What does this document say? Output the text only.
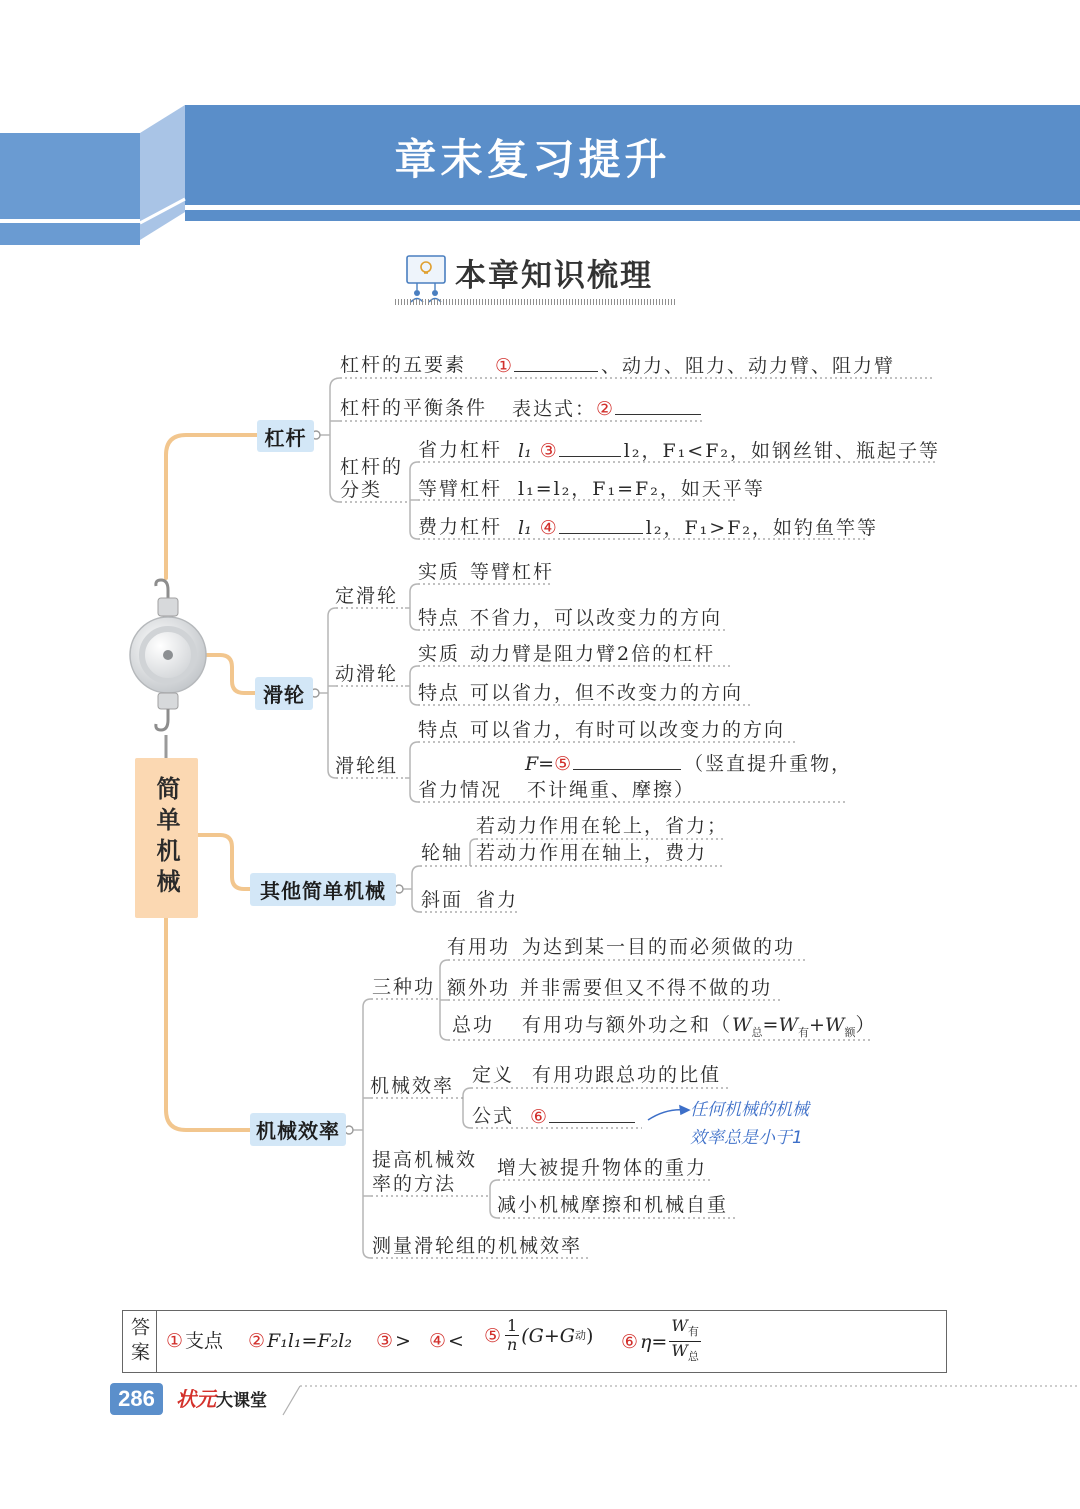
章末复习提升
本章知识梳理
简单机械
杠杆
滑轮
其他简单机械
机械效率
杠杆的五要素 ①	、动力、阻力、动力臂、阻力臂
杠杆的平衡条件 表达式：②
杠杆的
分类
省力杠杆 l₁ ③	l₂，F₁<F₂，如钢丝钳、瓶起子等
等臂杠杆 l₁=l₂，F₁=F₂，如天平等
费力杠杆 l₁ ④	l₂，F₁>F₂，如钓鱼竿等
定滑轮
实质 等臂杠杆
特点 不省力，可以改变力的方向
动滑轮
实质 动力臂是阻力臂2倍的杠杆
特点 可以省力，但不改变力的方向
滑轮组
特点 可以省力，有时可以改变力的方向
F=⑤	（竖直提升重物，
省力情况 不计绳重、摩擦）
轮轴
若动力作用在轮上，省力；
若动力作用在轴上，费力
斜面 省力
三种功
有用功 为达到某一目的而必须做的功
额外功 并非需要但又不得不做的功
总功 有用功与额外功之和$(W_总=W_有+W_额)$
机械效率 定义 有用功跟总功的比值
公式 ⑥	任何机械的机械
效率总是小于1
提高机械效
率的方法
增大被提升物体的重力
减小机械摩擦和机械自重
测量滑轮组的机械效率
答案 ① 支点 ② F₁l₁=F₂l₂ ③ > ④ < ⑤ $\frac{1}{n} (G+G$ 动 ) ⑥ $\eta= \frac{W_有}{W_总}$
286 状元大课堂
